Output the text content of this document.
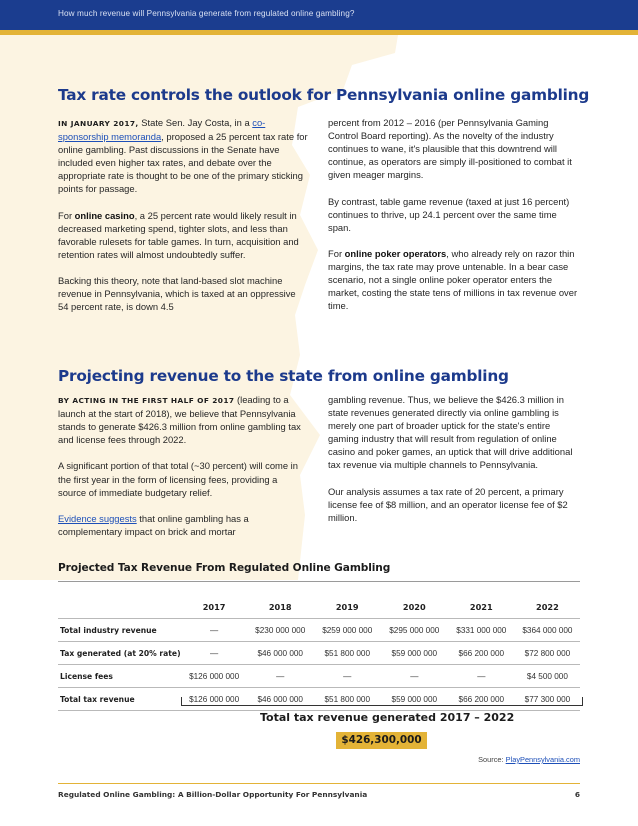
How much revenue will Pennsylvania generate from regulated online gambling?
Tax rate controls the outlook for Pennsylvania online gambling

IN JANUARY 2017, State Sen. Jay Costa, in a co-sponsorship memoranda, proposed a 25 percent tax rate for online gambling. Past discussions in the Senate have included even higher tax rates, and debate over the appropriate rate is thought to be one of the primary sticking points for passage.

For online casino, a 25 percent rate would likely result in decreased marketing spend, tighter slots, and less than favorable rulesets for table games. In turn, acquisition and retention rates will almost undoubtedly suffer.

Backing this theory, note that land-based slot machine revenue in Pennsylvania, which is taxed at an oppressive 54 percent rate, is down 4.5

percent from 2012 – 2016 (per Pennsylvania Gaming Control Board reporting). As the novelty of the industry continues to wane, it's plausible that this downtrend will continue, as operators are simply ill-positioned to combat it given meager margins.

By contrast, table game revenue (taxed at just 16 percent) continues to thrive, up 24.1 percent over the same time span.

For online poker operators, who already rely on razor thin margins, the tax rate may prove untenable. In a bear case scenario, not a single online poker operator enters the market, costing the state tens of millions in tax revenue over time.

Projecting revenue to the state from online gambling

BY ACTING IN THE FIRST HALF OF 2017 (leading to a launch at the start of 2018), we believe that Pennsylvania stands to generate $426.3 million from online gambling tax and license fees through 2022.

A significant portion of that total (~30 percent) will come in the first year in the form of licensing fees, providing a source of immediate budgetary relief.

Evidence suggests that online gambling has a complementary impact on brick and mortar

gambling revenue. Thus, we believe the $426.3 million in state revenues generated directly via online gambling is merely one part of broader uptick for the state's entire gaming industry that will result from regulation of online casino and poker games, an uptick that will drive additional tax revenue via multiple channels to Pennsylvania.

Our analysis assumes a tax rate of 20 percent, a primary license fee of $8 million, and an operator license fee of $2 million.

Projected Tax Revenue From Regulated Online Gambling
	2017	2018	2019	2020	2021	2022
Total industry revenue	—	$230 000 000	$259 000 000	$295 000 000	$331 000 000	$364 000 000
Tax generated (at 20% rate)	—	$46 000 000	$51 800 000	$59 000 000	$66 200 000	$72 800 000
License fees	$126 000 000	—	—	—	—	$4 500 000
Total tax revenue	$126 000 000	$46 000 000	$51 800 000	$59 000 000	$66 200 000	$77 300 000
Total tax revenue generated 2017 – 2022
$426,300,000
Source: PlayPennsylvania.com
Regulated Online Gambling: A Billion-Dollar Opportunity For Pennsylvania	6
